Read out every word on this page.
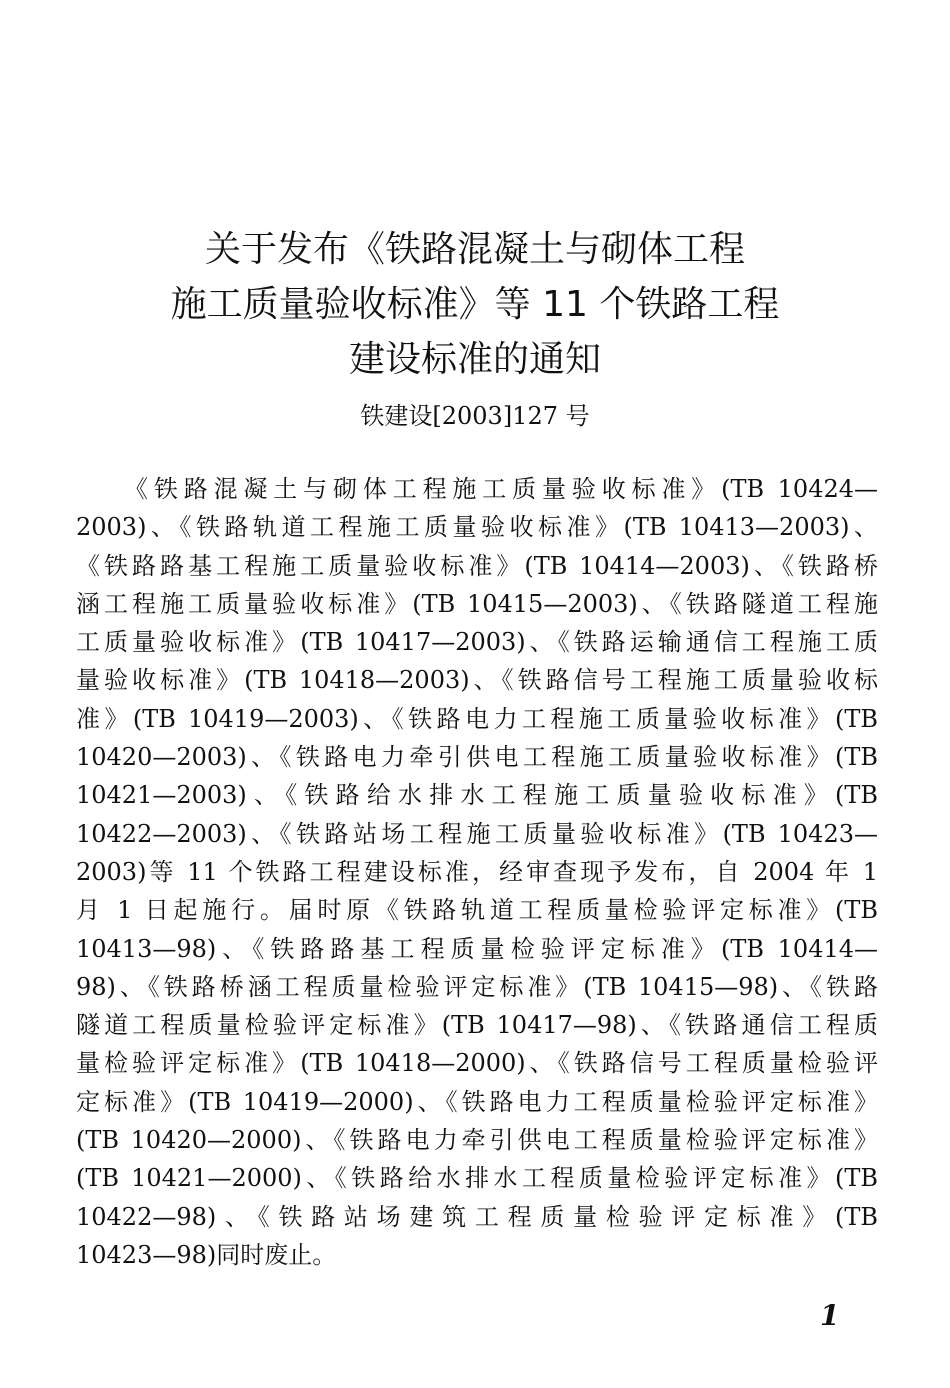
关于发布《铁路混凝土与砌体工程
施工质量验收标准》等 11 个铁路工程
建设标准的通知
铁建设[2003]127 号
《铁路混凝土与砌体工程施工质量验收标准》(TB 10424—
2003)、《铁路轨道工程施工质量验收标准》(TB 10413—2003)、
《铁路路基工程施工质量验收标准》(TB 10414—2003)、《铁路桥
涵工程施工质量验收标准》(TB 10415—2003)、《铁路隧道工程施
工质量验收标准》(TB 10417—2003)、《铁路运输通信工程施工质
量验收标准》(TB 10418—2003)、《铁路信号工程施工质量验收标
准》(TB 10419—2003)、《铁路电力工程施工质量验收标准》(TB
10420—2003)、《铁路电力牵引供电工程施工质量验收标准》(TB
10421—2003)、《铁路给水排水工程施工质量验收标准》(TB
10422—2003)、《铁路站场工程施工质量验收标准》(TB 10423—
2003)等 11 个铁路工程建设标准，经审查现予发布，自 2004 年 1
月 1 日起施行。届时原《铁路轨道工程质量检验评定标准》(TB
10413—98)、《铁路路基工程质量检验评定标准》(TB 10414—
98)、《铁路桥涵工程质量检验评定标准》(TB 10415—98)、《铁路
隧道工程质量检验评定标准》(TB 10417—98)、《铁路通信工程质
量检验评定标准》(TB 10418—2000)、《铁路信号工程质量检验评
定标准》(TB 10419—2000)、《铁路电力工程质量检验评定标准》
(TB 10420—2000)、《铁路电力牵引供电工程质量检验评定标准》
(TB 10421—2000)、《铁路给水排水工程质量检验评定标准》(TB
10422—98)、《铁路站场建筑工程质量检验评定标准》(TB
10423—98)同时废止。
1
